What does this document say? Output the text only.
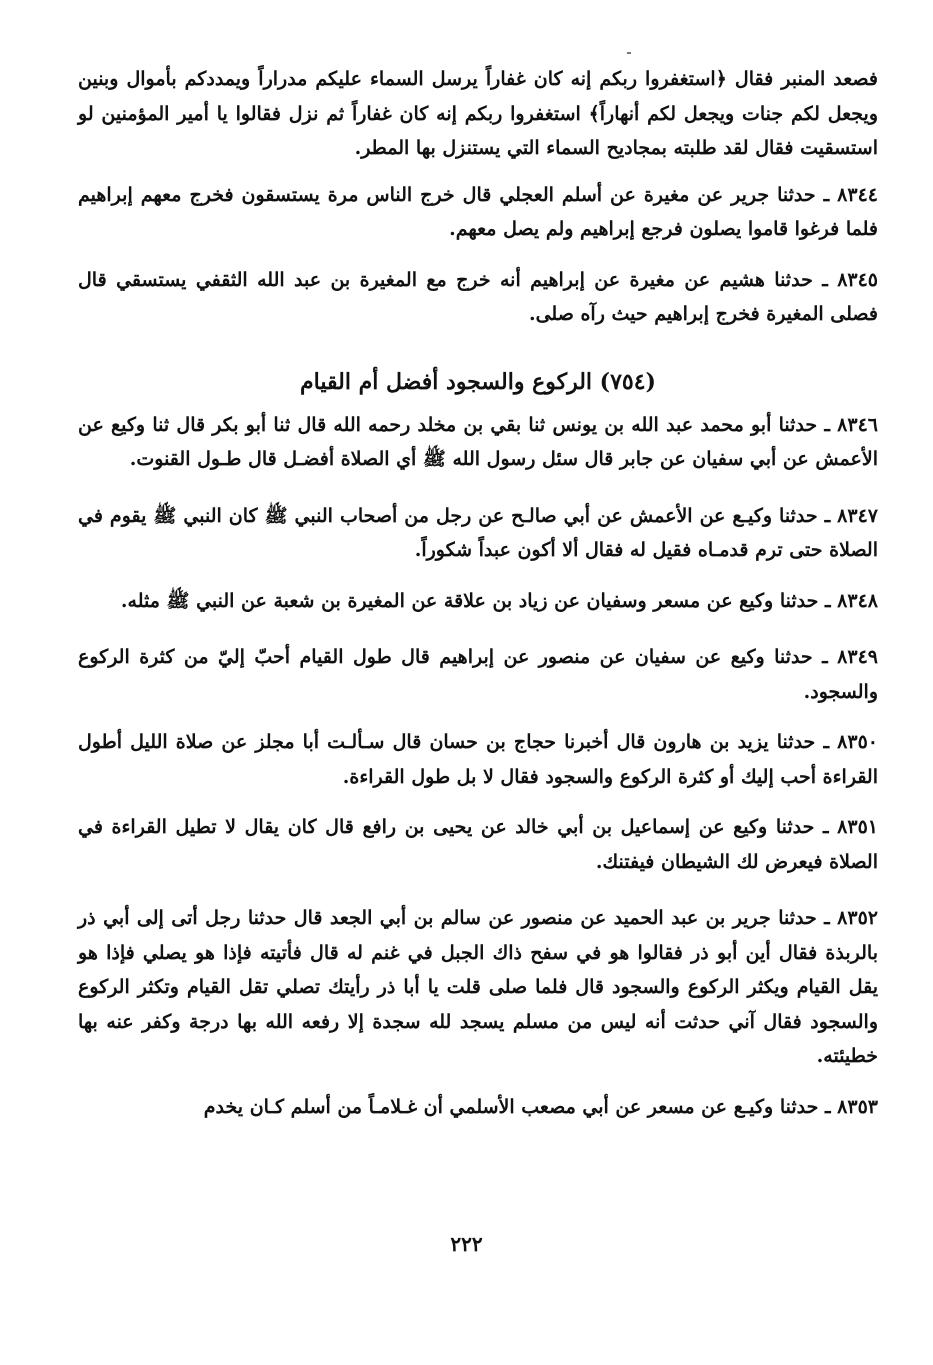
فصعد المنبر فقال ﴿استغفروا ربكم إنه كان غفاراً يرسل السماء عليكم مدراراً ويمددكم بأموال وبنين ويجعل لكم جنات ويجعل لكم أنهاراً﴾ استغفروا ربكم إنه كان غفاراً ثم نزل فقالوا يا أمير المؤمنين لو استسقيت فقال لقد طلبته بمجاديح السماء التي يستنزل بها المطر.

٨٣٤٤ ـ حدثنا جرير عن مغيرة عن أسلم العجلي قال خرج الناس مرة يستسقون فخرج معهم إبراهيم فلما فرغوا قاموا يصلون فرجع إبراهيم ولم يصل معهم.

٨٣٤٥ ـ حدثنا هشيم عن مغيرة عن إبراهيم أنه خرج مع المغيرة بن عبد الله الثقفي يستسقي قال فصلى المغيرة فخرج إبراهيم حيث رآه صلى.

(٧٥٤) الركوع والسجود أفضل أم القيام

٨٣٤٦ ـ حدثنا أبو محمد عبد الله بن يونس ثنا بقي بن مخلد رحمه الله قال ثنا أبو بكر قال ثنا وكيع عن الأعمش عن أبي سفيان عن جابر قال سئل رسول الله ﷺ أي الصلاة أفضـل قال طـول القنوت.

٨٣٤٧ ـ حدثنا وكيـع عن الأعمش عن أبي صالـح عن رجل من أصحاب النبي ﷺ كان النبي ﷺ يقوم في الصلاة حتى ترم قدمـاه فقيل له فقال ألا أكون عبداً شكوراً.

٨٣٤٨ ـ حدثنا وكيع عن مسعر وسفيان عن زياد بن علاقة عن المغيرة بن شعبة عن النبي ﷺ مثله.

٨٣٤٩ ـ حدثنا وكيع عن سفيان عن منصور عن إبراهيم قال طول القيام أحبّ إليّ من كثرة الركوع والسجود.

٨٣٥٠ ـ حدثنا يزيد بن هارون قال أخبرنا حجاج بن حسان قال سـألـت أبا مجلز عن صلاة الليل أطول القراءة أحب إليك أو كثرة الركوع والسجود فقال لا بل طول القراءة.

٨٣٥١ ـ حدثنا وكيع عن إسماعيل بن أبي خالد عن يحيى بن رافع قال كان يقال لا تطيل القراءة في الصلاة فيعرض لك الشيطان فيفتنك.

٨٣٥٢ ـ حدثنا جرير بن عبد الحميد عن منصور عن سالم بن أبي الجعد قال حدثنا رجل أتى إلى أبي ذر بالربذة فقال أين أبو ذر فقالوا هو في سفح ذاك الجبل في غنم له قال فأتيته فإذا هو يصلي فإذا هو يقل القيام ويكثر الركوع والسجود قال فلما صلى قلت يا أبا ذر رأيتك تصلي تقل القيام وتكثر الركوع والسجود فقال آني حدثت أنه ليس من مسلم يسجد لله سجدة إلا رفعه الله بها درجة وكفر عنه بها خطيئته.

٨٣٥٣ ـ حدثنا وكيـع عن مسعر عن أبي مصعب الأسلمي أن غـلامـاً من أسلم كـان يخدم

٢٢٢
